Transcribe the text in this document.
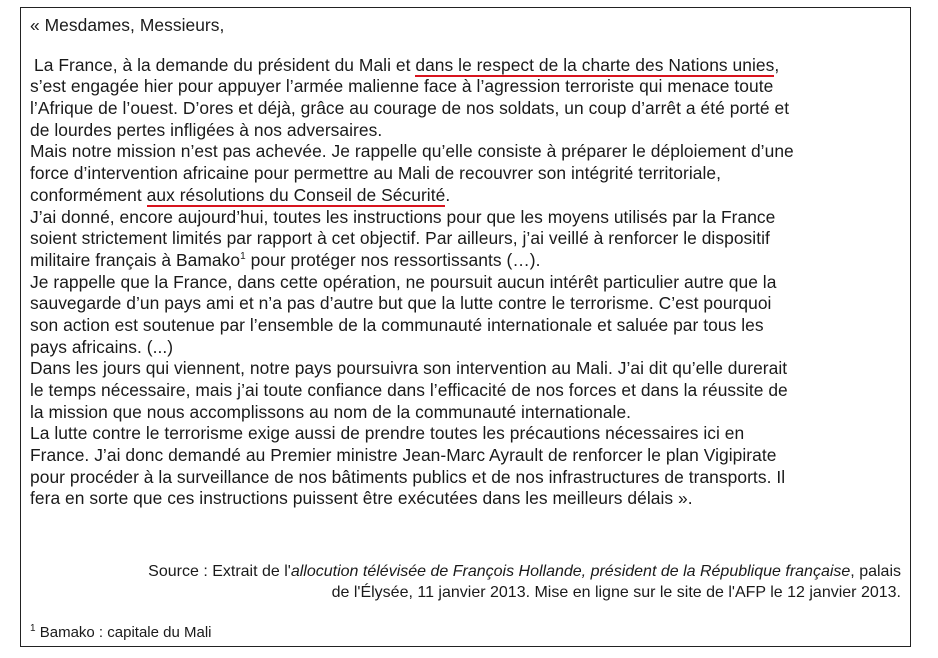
« Mesdames, Messieurs,
La France, à la demande du président du Mali et dans le respect de la charte des Nations unies,
s’est engagée hier pour appuyer l’armée malienne face à l’agression terroriste qui menace toute
l’Afrique de l’ouest. D’ores et déjà, grâce au courage de nos soldats, un coup d’arrêt a été porté et
de lourdes pertes infligées à nos adversaires.
Mais notre mission n’est pas achevée. Je rappelle qu’elle consiste à préparer le déploiement d’une
force d’intervention africaine pour permettre au Mali de recouvrer son intégrité territoriale,
conformément aux résolutions du Conseil de Sécurité.
J’ai donné, encore aujourd’hui, toutes les instructions pour que les moyens utilisés par la France
soient strictement limités par rapport à cet objectif. Par ailleurs, j’ai veillé à renforcer le dispositif
militaire français à Bamako$^1$ pour protéger nos ressortissants (…).
Je rappelle que la France, dans cette opération, ne poursuit aucun intérêt particulier autre que la
sauvegarde d’un pays ami et n’a pas d’autre but que la lutte contre le terrorisme. C’est pourquoi
son action est soutenue par l’ensemble de la communauté internationale et saluée par tous les
pays africains. (...)
Dans les jours qui viennent, notre pays poursuivra son intervention au Mali. J’ai dit qu’elle durerait
le temps nécessaire, mais j’ai toute confiance dans l’efficacité de nos forces et dans la réussite de
la mission que nous accomplissons au nom de la communauté internationale.
La lutte contre le terrorisme exige aussi de prendre toutes les précautions nécessaires ici en
France. J’ai donc demandé au Premier ministre Jean-Marc Ayrault de renforcer le plan Vigipirate
pour procéder à la surveillance de nos bâtiments publics et de nos infrastructures de transports. Il
fera en sorte que ces instructions puissent être exécutées dans les meilleurs délais ».
Source : Extrait de l'allocution télévisée de François Hollande, président de la République française, palais
de l'Élysée, 11 janvier 2013. Mise en ligne sur le site de l'AFP le 12 janvier 2013.
$^1$ Bamako : capitale du Mali
